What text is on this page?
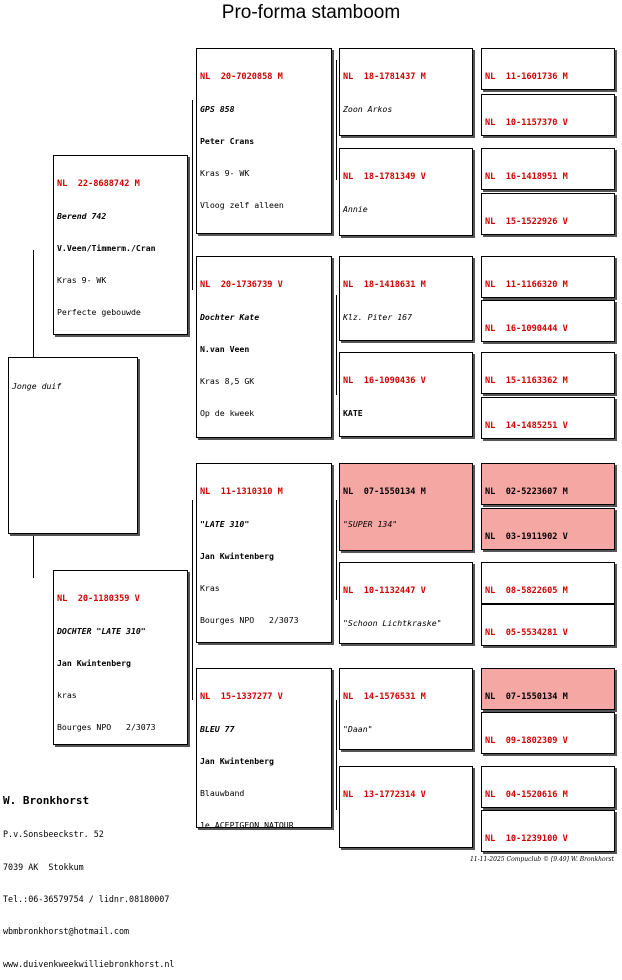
Pro-forma stamboom

Jonge duif

NL  22-8688742 M

Berend 742

V.Veen/Timmerm./Cran

Kras 9- WK

Perfecte gebouwde

NL  20-1180359 V

DOCHTER "LATE 310"

Jan Kwintenberg

kras

Bourges NPO   2/3073

NL  20-7020858 M

GPS 858

Peter Crans

Kras 9- WK

Vloog zelf alleen

NL  20-1736739 V

Dochter Kate

N.van Veen

Kras 8,5 GK

Op de kweek

NL  11-1310310 M

"LATE 310"

Jan Kwintenberg

Kras

Bourges NPO   2/3073

NL  15-1337277 V

BLEU 77

Jan Kwintenberg

Blauwband

1e ACEPIGEON NATOUR

NL  18-1781437 M

Zoon Arkos

NL  18-1781349 V

Annie

NL  18-1418631 M

Klz. Piter 167

NL  16-1090436 V

KATE

NL  07-1550134 M

"SUPER 134"

NL  10-1132447 V

"Schoon Lichtkraske"

NL  14-1576531 M

"Daan"

NL  13-1772314 V

NL  11-1601736 M

NL  10-1157370 V

NL  16-1418951 M

NL  15-1522926 V

NL  11-1166320 M

NL  16-1090444 V

NL  15-1163362 M

NL  14-1485251 V

NL  02-5223607 M

NL  03-1911902 V

NL  08-5822605 M

NL  05-5534281 V

NL  07-1550134 M

NL  09-1802309 V

NL  04-1520616 M

NL  10-1239100 V

W. Bronkhorst

P.v.Sonsbeeckstr. 52

7039 AK  Stokkum

Tel.:06-36579754 / lidnr.08180007

wbmbronkhorst@hotmail.com

www.duivenkweekwilliebronkhorst.nl

11-11-2025 Compuclub © [9.49] W. Bronkhorst
